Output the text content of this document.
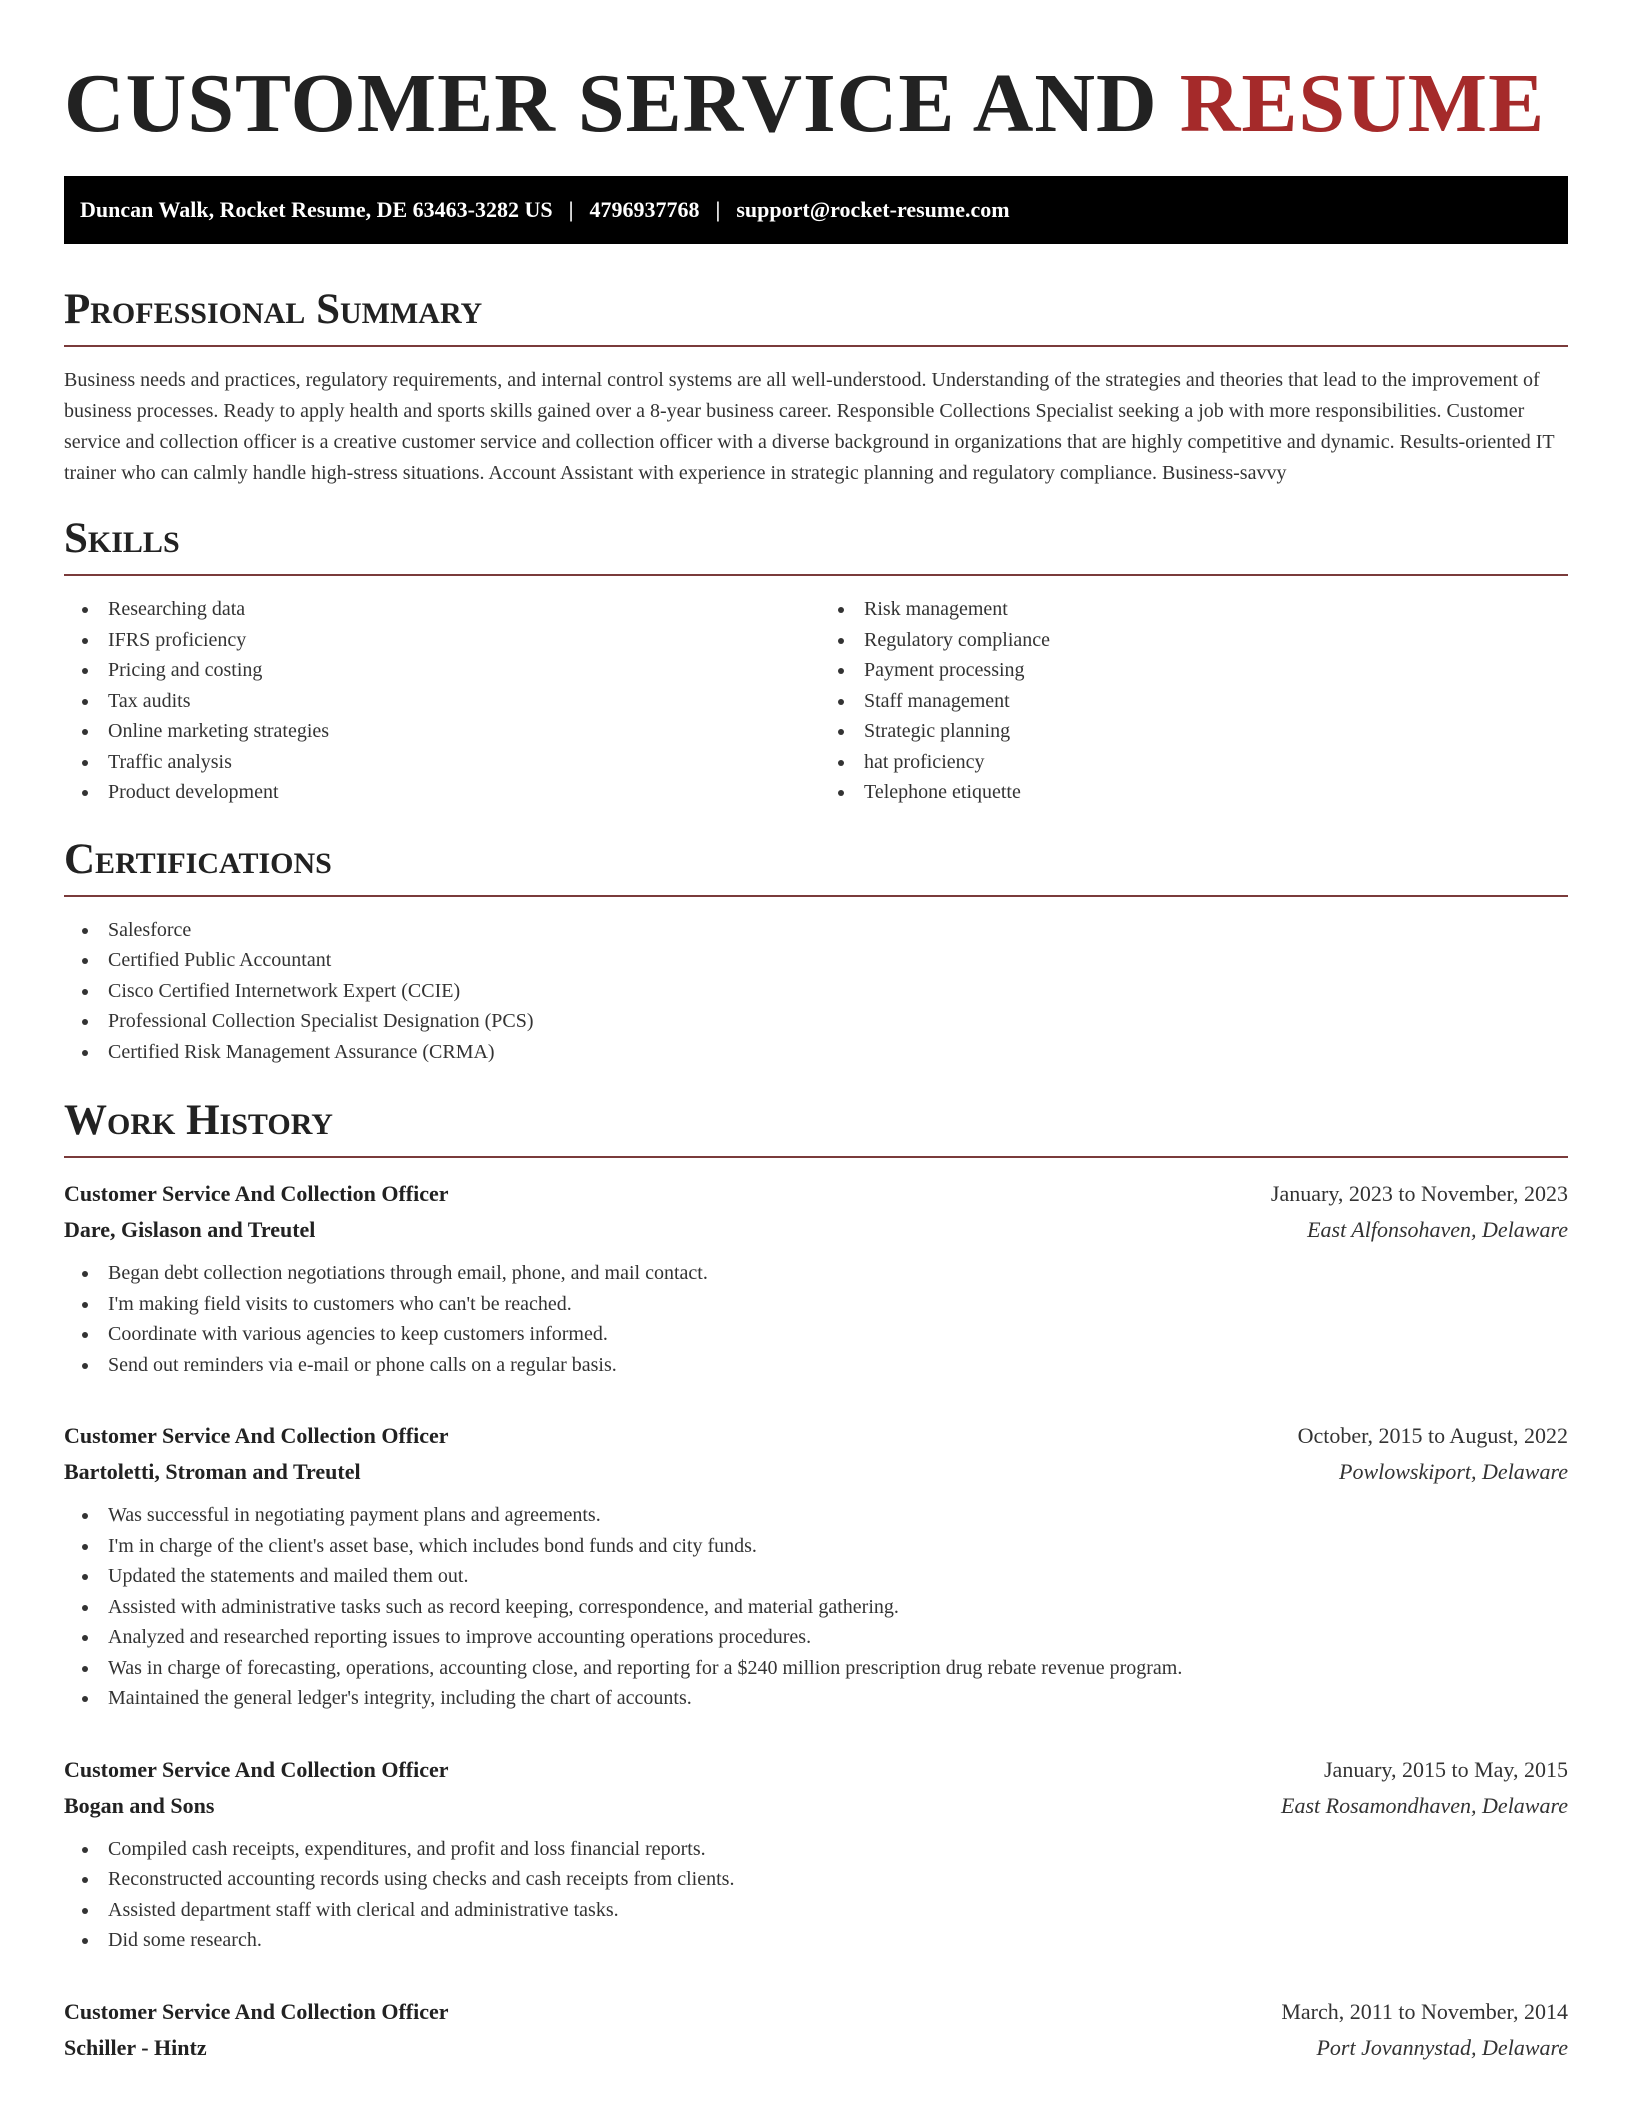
CUSTOMER SERVICE AND RESUME
Duncan Walk, Rocket Resume, DE 63463-3282 US | 4796937768 | support@rocket-resume.com
Professional Summary

Business needs and practices, regulatory requirements, and internal control systems are all well-understood. Understanding of the strategies and theories that lead to the improvement of business processes. Ready to apply health and sports skills gained over a 8-year business career. Responsible Collections Specialist seeking a job with more responsibilities. Customer service and collection officer is a creative customer service and collection officer with a diverse background in organizations that are highly competitive and dynamic. Results-oriented IT trainer who can calmly handle high-stress situations. Account Assistant with experience in strategic planning and regulatory compliance. Business-savvy

Skills
Researching data
IFRS proficiency
Pricing and costing
Tax audits
Online marketing strategies
Traffic analysis
Product development
Risk management
Regulatory compliance
Payment processing
Staff management
Strategic planning
hat proficiency
Telephone etiquette
Certifications
Salesforce
Certified Public Accountant
Cisco Certified Internetwork Expert (CCIE)
Professional Collection Specialist Designation (PCS)
Certified Risk Management Assurance (CRMA)
Work History
Customer Service And Collection Officer	January, 2023 to November, 2023
Dare, Gislason and Treutel	East Alfonsohaven, Delaware
Began debt collection negotiations through email, phone, and mail contact.
I'm making field visits to customers who can't be reached.
Coordinate with various agencies to keep customers informed.
Send out reminders via e-mail or phone calls on a regular basis.
Customer Service And Collection Officer	October, 2015 to August, 2022
Bartoletti, Stroman and Treutel	Powlowskiport, Delaware
Was successful in negotiating payment plans and agreements.
I'm in charge of the client's asset base, which includes bond funds and city funds.
Updated the statements and mailed them out.
Assisted with administrative tasks such as record keeping, correspondence, and material gathering.
Analyzed and researched reporting issues to improve accounting operations procedures.
Was in charge of forecasting, operations, accounting close, and reporting for a $240 million prescription drug rebate revenue program.
Maintained the general ledger's integrity, including the chart of accounts.
Customer Service And Collection Officer	January, 2015 to May, 2015
Bogan and Sons	East Rosamondhaven, Delaware
Compiled cash receipts, expenditures, and profit and loss financial reports.
Reconstructed accounting records using checks and cash receipts from clients.
Assisted department staff with clerical and administrative tasks.
Did some research.
Customer Service And Collection Officer	March, 2011 to November, 2014
Schiller - Hintz	Port Jovannystad, Delaware
